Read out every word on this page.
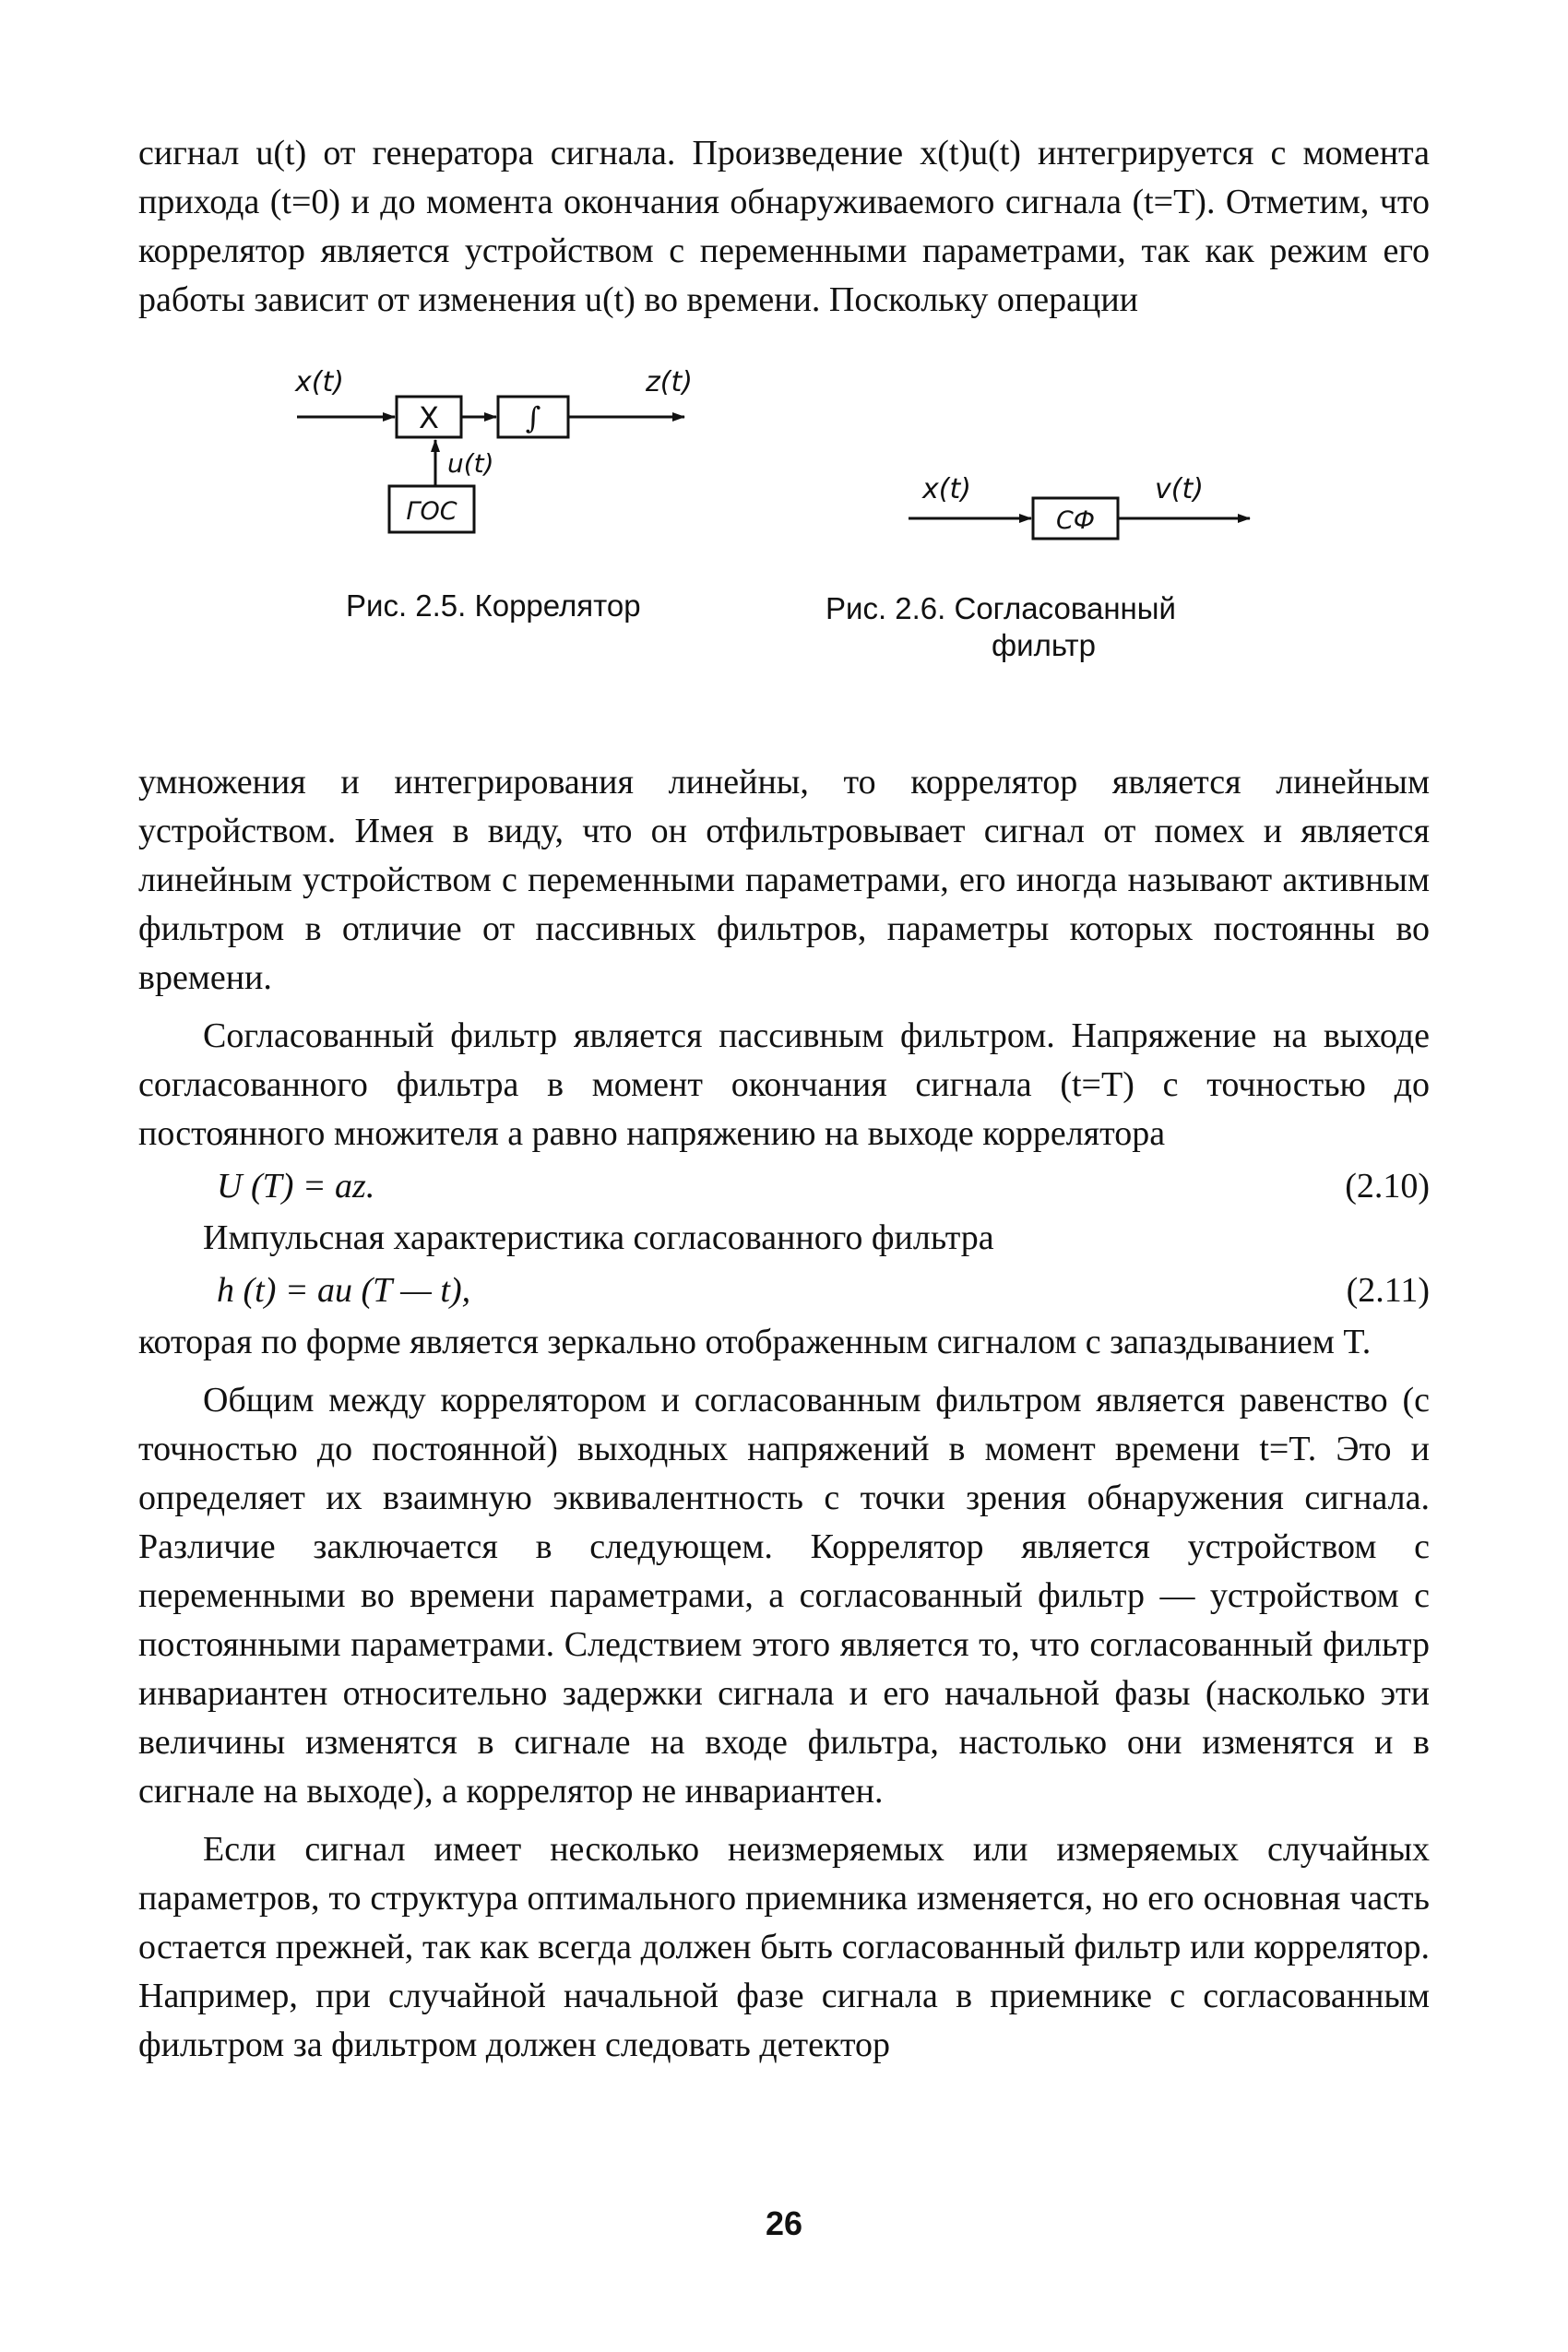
сигнал u(t) от генератора сигнала. Произведение x(t)u(t) интегрируется с момента прихода (t=0) и до момента окончания обнаруживаемого сигнала (t=T). Отметим, что коррелятор является устройством с переменными параметрами, так как режим его работы зависит от изменения u(t) во времени. Поскольку операции

x(t)
X	∫
z(t)
u(t)
ГОС
x(t)
СФ
v(t)
Рис. 2.5. Коррелятор	Рис. 2.6. Согласованный
фильтр

умножения и интегрирования линейны, то коррелятор является линейным устройством. Имея в виду, что он отфильтровывает сигнал от помех и является линейным устройством с переменными параметрами, его иногда называют активным фильтром в отличие от пассивных фильтров, параметры которых постоянны во времени.

Согласованный фильтр является пассивным фильтром. Напряжение на выходе согласованного фильтра в момент окончания сигнала (t=T) с точностью до постоянного множителя a равно напряжению на выходе коррелятора

U (T) = az.	(2.10)

Импульсная характеристика согласованного фильтра

h (t) = au (T — t),	(2.11)

которая по форме является зеркально отображенным сигналом с запаздыванием T.

Общим между коррелятором и согласованным фильтром является равенство (с точностью до постоянной) выходных напряжений в момент времени t=T. Это и определяет их взаимную эквивалентность с точки зрения обнаружения сигнала. Различие заключается в следующем. Коррелятор является устройством с переменными во времени параметрами, а согласованный фильтр — устройством с постоянными параметрами. Следствием этого является то, что согласованный фильтр инвариантен относительно задержки сигнала и его начальной фазы (насколько эти величины изменятся в сигнале на входе фильтра, настолько они изменятся и в сигнале на выходе), а коррелятор не инвариантен.

Если сигнал имеет несколько неизмеряемых или измеряемых случайных параметров, то структура оптимального приемника изменяется, но его основная часть остается прежней, так как всегда должен быть согласованный фильтр или коррелятор. Например, при случайной начальной фазе сигнала в приемнике с согласованным фильтром за фильтром должен следовать детектор

26
